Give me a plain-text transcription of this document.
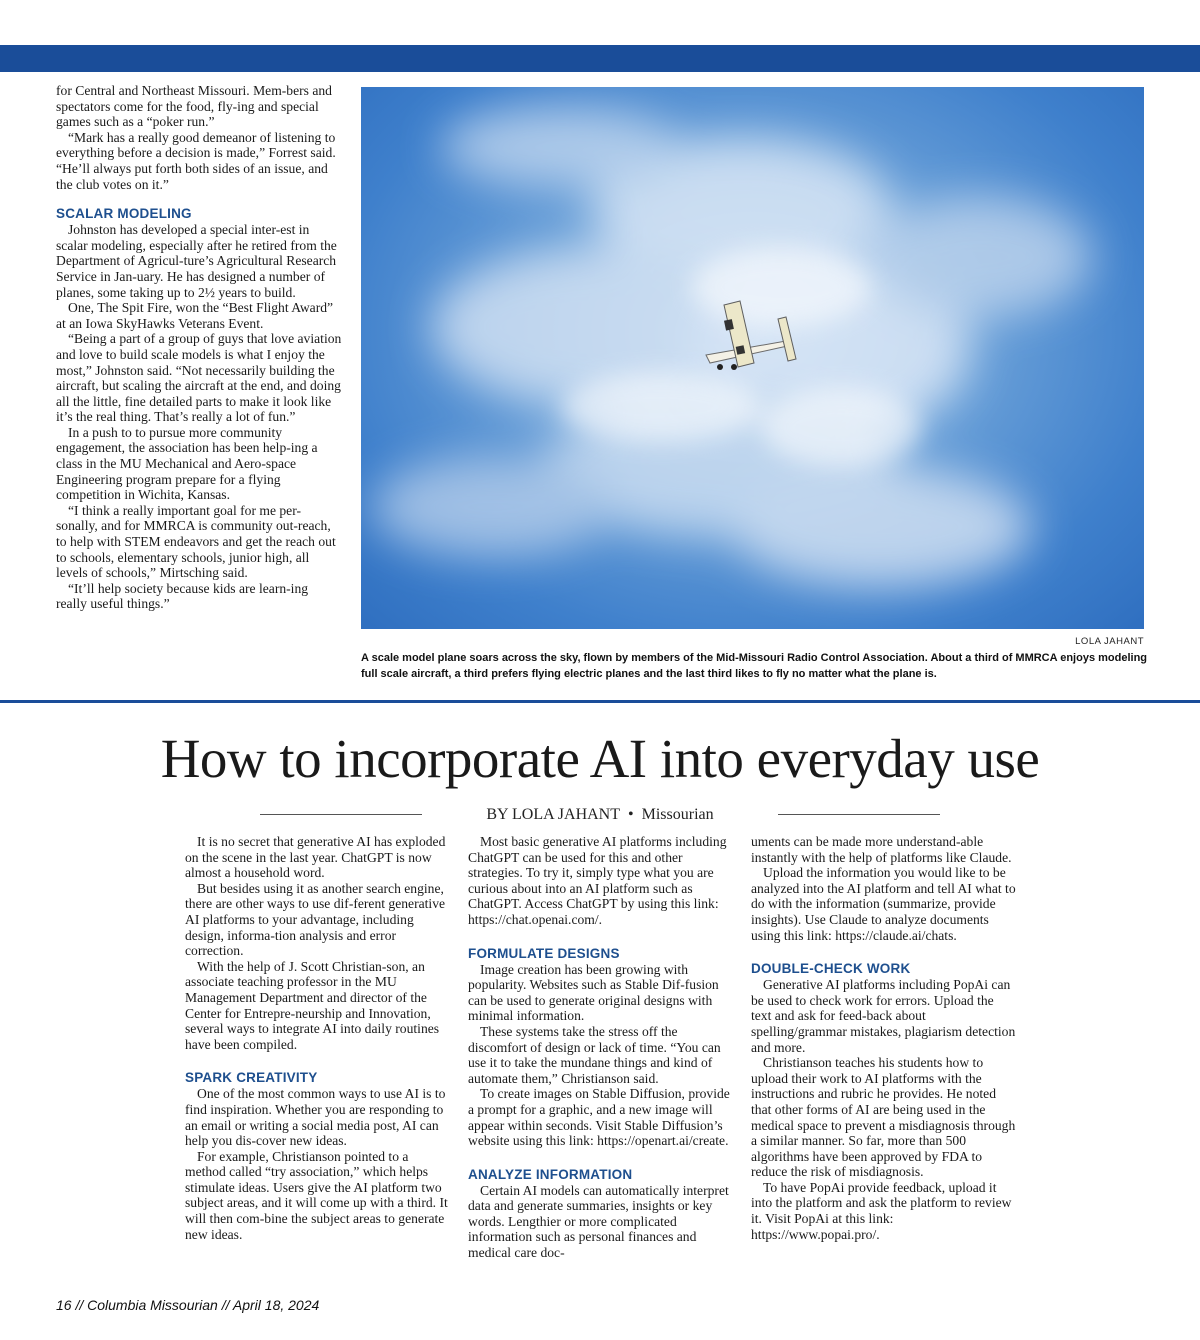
for Central and Northeast Missouri. Mem-bers and spectators come for the food, fly-ing and special games such as a “poker run.”

“Mark has a really good demeanor of listening to everything before a decision is made,” Forrest said. “He’ll always put forth both sides of an issue, and the club votes on it.”

SCALAR MODELING

Johnston has developed a special inter-est in scalar modeling, especially after he retired from the Department of Agricul-ture’s Agricultural Research Service in Jan-uary. He has designed a number of planes, some taking up to 2½ years to build.

One, The Spit Fire, won the “Best Flight Award” at an Iowa SkyHawks Veterans Event.

“Being a part of a group of guys that love aviation and love to build scale models is what I enjoy the most,” Johnston said. “Not necessarily building the aircraft, but scaling the aircraft at the end, and doing all the little, fine detailed parts to make it look like it’s the real thing. That’s really a lot of fun.”

In a push to to pursue more community engagement, the association has been help-ing a class in the MU Mechanical and Aero-space Engineering program prepare for a flying competition in Wichita, Kansas.

“I think a really important goal for me per-sonally, and for MMRCA is community out-reach, to help with STEM endeavors and get the reach out to schools, elementary schools, junior high, all levels of schools,” Mirtsching said.

“It’ll help society because kids are learn-ing really useful things.”

LOLA JAHANT

A scale model plane soars across the sky, flown by members of the Mid-Missouri Radio Control Association. About a third of MMRCA enjoys modeling full scale aircraft, a third prefers flying electric planes and the last third likes to fly no matter what the plane is.

How to incorporate AI into everyday use

BY LOLA JAHANT • Missourian

It is no secret that generative AI has exploded on the scene in the last year. ChatGPT is now almost a household word.

But besides using it as another search engine, there are other ways to use dif-ferent generative AI platforms to your advantage, including design, informa-tion analysis and error correction.

With the help of J. Scott Christian-son, an associate teaching professor in the MU Management Department and director of the Center for Entrepre-neurship and Innovation, several ways to integrate AI into daily routines have been compiled.

SPARK CREATIVITY

One of the most common ways to use AI is to find inspiration. Whether you are responding to an email or writing a social media post, AI can help you dis-cover new ideas.

For example, Christianson pointed to a method called “try association,” which helps stimulate ideas. Users give the AI platform two subject areas, and it will come up with a third. It will then com-bine the subject areas to generate new ideas.

Most basic generative AI platforms including ChatGPT can be used for this and other strategies. To try it, simply type what you are curious about into an AI platform such as ChatGPT. Access ChatGPT by using this link: https://chat.openai.com/.

FORMULATE DESIGNS

Image creation has been growing with popularity. Websites such as Stable Dif-fusion can be used to generate original designs with minimal information.

These systems take the stress off the discomfort of design or lack of time. “You can use it to take the mundane things and kind of automate them,” Christianson said.

To create images on Stable Diffusion, provide a prompt for a graphic, and a new image will appear within seconds. Visit Stable Diffusion’s website using this link: https://openart.ai/create.

ANALYZE INFORMATION

Certain AI models can automatically interpret data and generate summaries, insights or key words. Lengthier or more complicated information such as personal finances and medical care doc-

uments can be made more understand-able instantly with the help of platforms like Claude.

Upload the information you would like to be analyzed into the AI platform and tell AI what to do with the information (summarize, provide insights). Use Claude to analyze documents using this link: https://claude.ai/chats.

DOUBLE-CHECK WORK

Generative AI platforms including PopAi can be used to check work for errors. Upload the text and ask for feed-back about spelling/grammar mistakes, plagiarism detection and more.

Christianson teaches his students how to upload their work to AI platforms with the instructions and rubric he provides. He noted that other forms of AI are being used in the medical space to prevent a misdiagnosis through a similar manner. So far, more than 500 algorithms have been approved by FDA to reduce the risk of misdiagnosis.

To have PopAi provide feedback, upload it into the platform and ask the platform to review it. Visit PopAi at this link: https://www.popai.pro/.

16 // Columbia Missourian // April 18, 2024
